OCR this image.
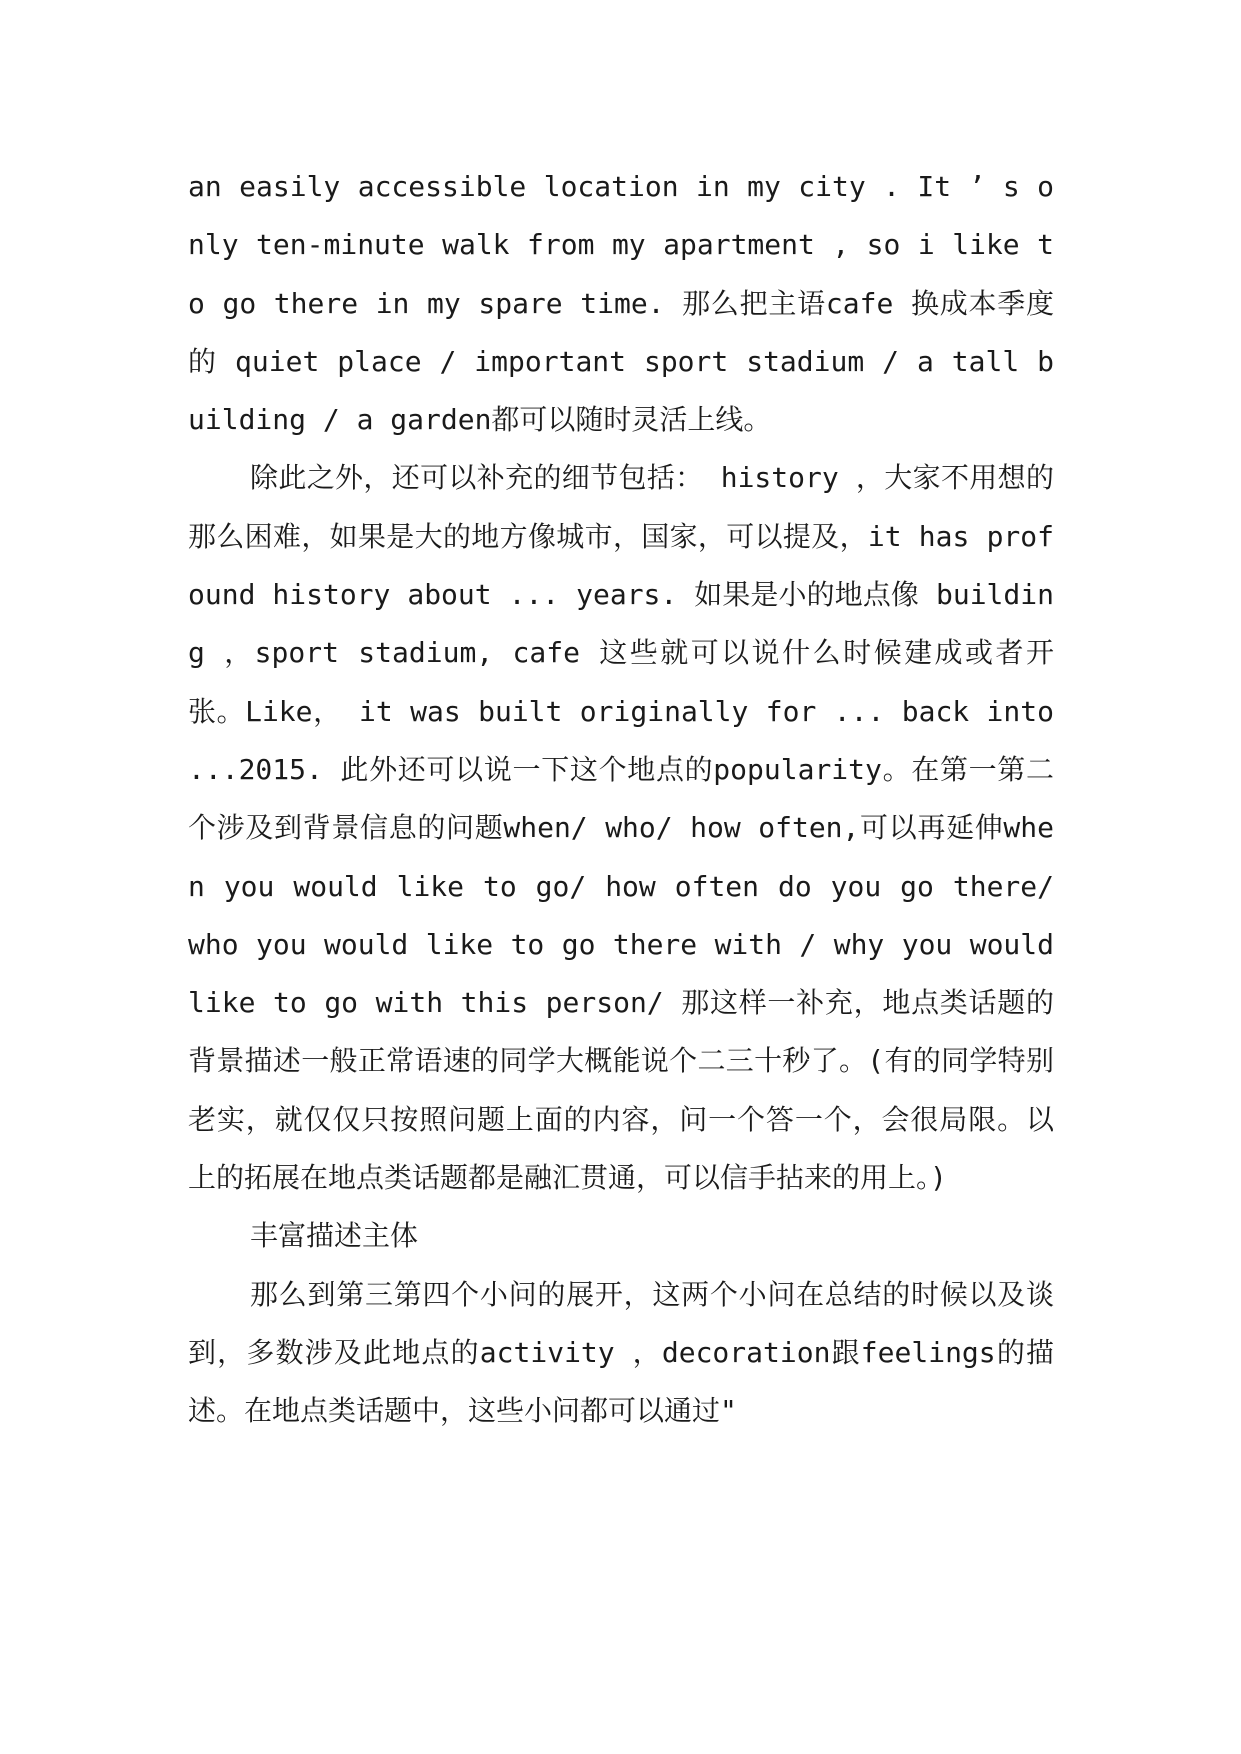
an easily accessible location in my city . It ’ s only ten-minute walk from my apartment , so i like to go there in my spare time. 那么把主语cafe 换成本季度的 quiet place / important sport stadium / a tall building / a garden都可以随时灵活上线。

除此之外，还可以补充的细节包括： history ，大家不用想的那么困难，如果是大的地方像城市，国家，可以提及，it has profound history about ... years. 如果是小的地点像 building ，sport stadium, cafe 这些就可以说什么时候建成或者开张。Like， it was built originally for ... back into ...2015. 此外还可以说一下这个地点的popularity。在第一第二个涉及到背景信息的问题when/ who/ how often,可以再延伸when you would like to go/ how often do you go there/ who you would like to go there with / why you would like to go with this person/ 那这样一补充，地点类话题的背景描述一般正常语速的同学大概能说个二三十秒了。(有的同学特别老实，就仅仅只按照问题上面的内容，问一个答一个，会很局限。以上的拓展在地点类话题都是融汇贯通，可以信手拈来的用上。)

丰富描述主体

那么到第三第四个小问的展开，这两个小问在总结的时候以及谈到，多数涉及此地点的activity ，decoration跟feelings的描述。在地点类话题中，这些小问都可以通过"
